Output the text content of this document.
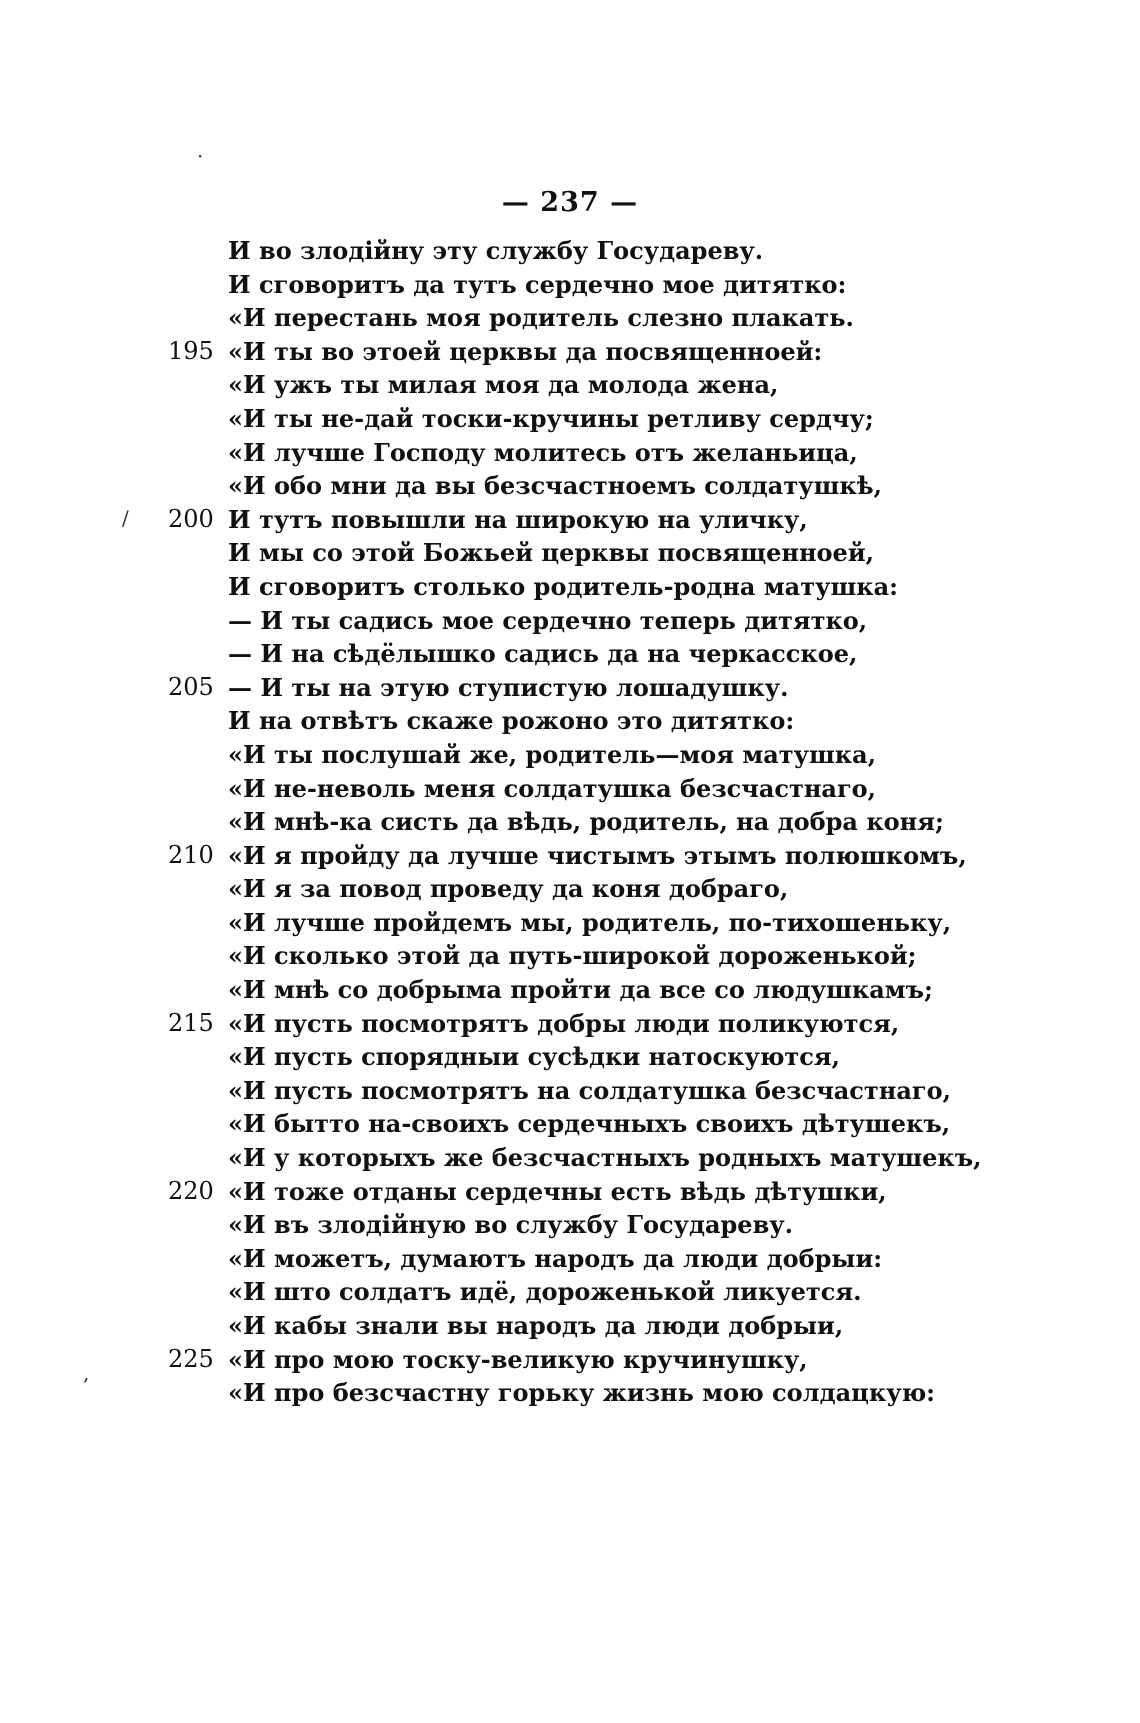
— 237 —
·
/
,
И во злодійну эту службу Государеву.
И сговоритъ да тутъ сердечно мое дитятко:
«И перестань моя родитель слезно плакать.
195 «И ты во этоей церквы да посвященноей:
«И ужъ ты милая моя да молода жена,
«И ты не-дай тоски-кручины ретливу сердчу;
«И лучше Господу молитесь отъ желаньица,
«И обо мни да вы безсчастноемъ солдатушкѣ,
200 И тутъ повышли на широкую на уличку,
И мы со этой Божьей церквы посвященноей,
И сговоритъ столько родитель-родна матушка:
— И ты садись мое сердечно теперь дитятко,
— И на сѣдёлышко садись да на черкасское,
205 — И ты на этую ступистую лошадушку.
И на отвѣтъ скаже рожоно это дитятко:
«И ты послушай же, родитель—моя матушка,
«И не-неволь меня солдатушка безсчастнаго,
«И мнѣ-ка систь да вѣдь, родитель, на добра коня;
210 «И я пройду да лучше чистымъ этымъ полюшкомъ,
«И я за повод проведу да коня добраго,
«И лучше пройдемъ мы, родитель, по-тихошеньку,
«И сколько этой да путь-широкой дороженькой;
«И мнѣ со добрыма пройти да все со людушкамъ;
215 «И пусть посмотрятъ добры люди поликуются,
«И пусть спорядныи сусѣдки натоскуются,
«И пусть посмотрятъ на солдатушка безсчастнаго,
«И бытто на-своихъ сердечныхъ своихъ дѣтушекъ,
«И у которыхъ же безсчастныхъ родныхъ матушекъ,
220 «И тоже отданы сердечны есть вѣдь дѣтушки,
«И въ злодійную во службу Государеву.
«И можетъ, думаютъ народъ да люди добрыи:
«И што солдатъ идё, дороженькой ликуется.
«И кабы знали вы народъ да люди добрыи,
225 «И про мою тоску-великую кручинушку,
«И про безсчастну горьку жизнь мою солдацкую:
